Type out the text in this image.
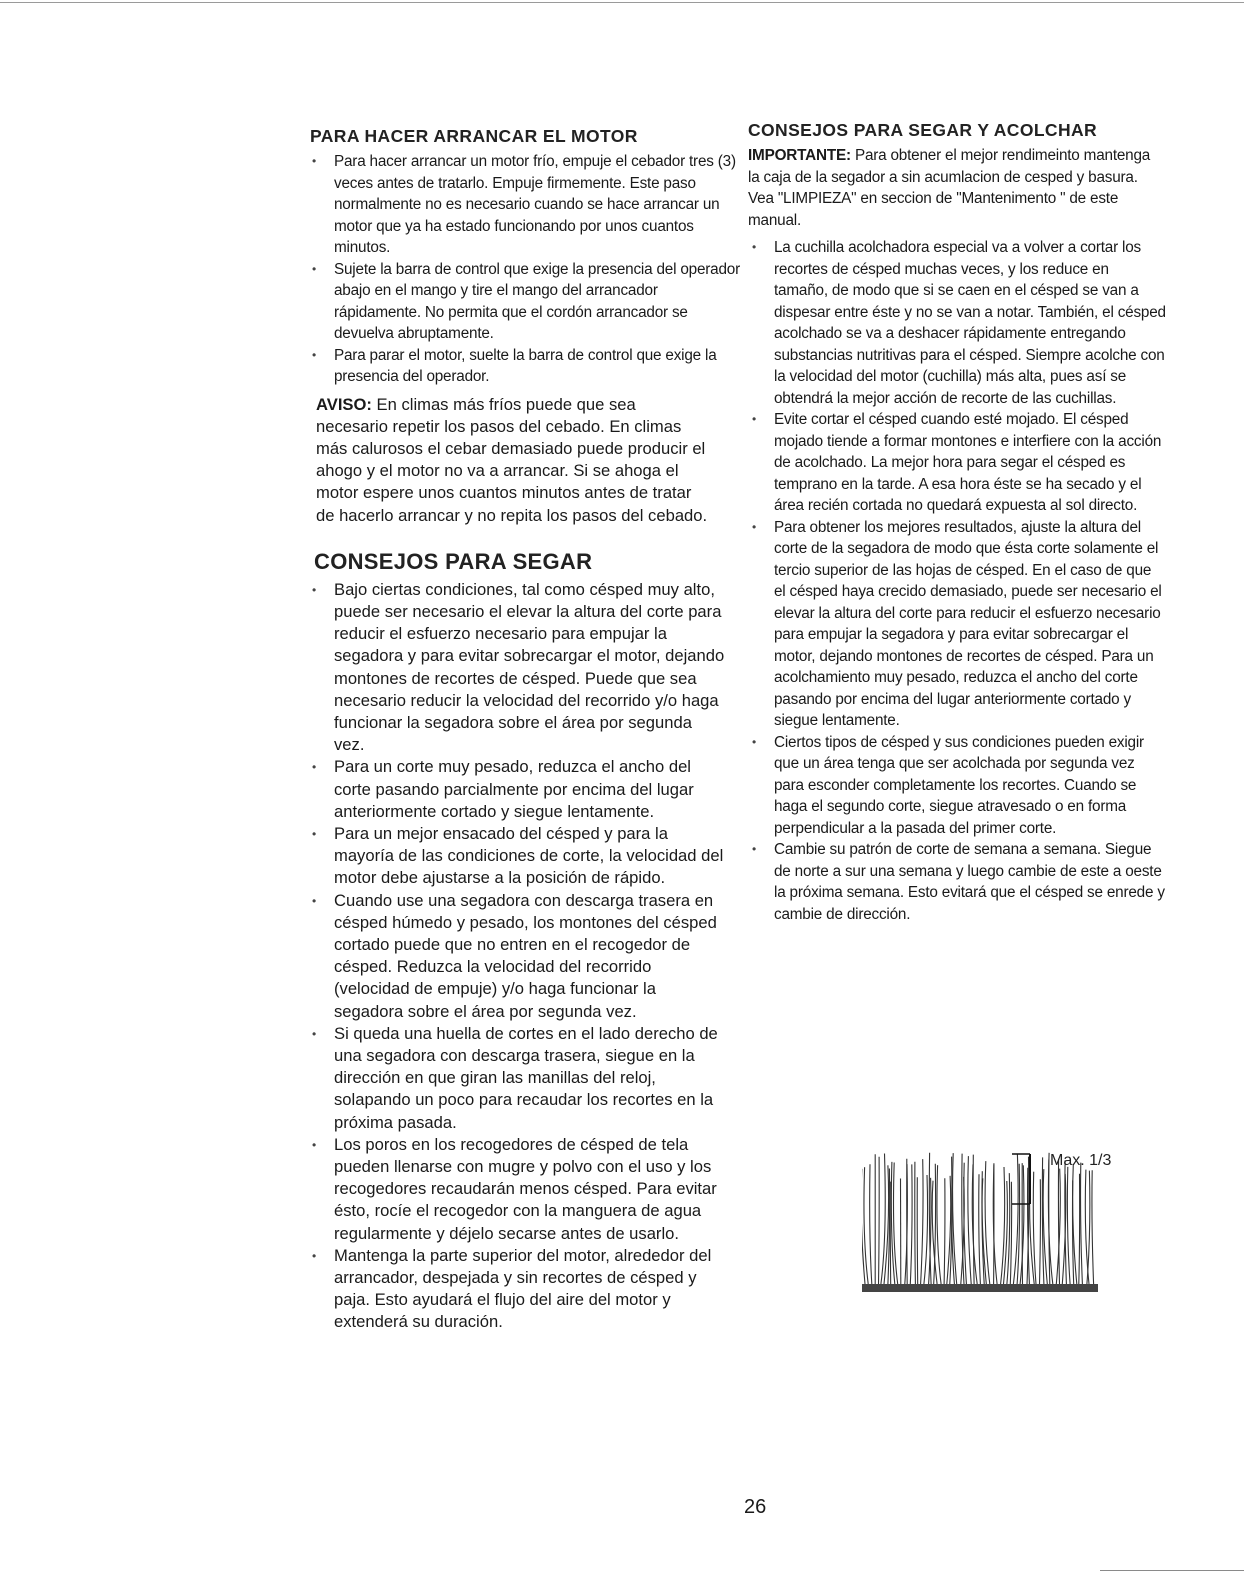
PARA HACER ARRANCAR EL MOTOR
• Para hacer arrancar un motor frío, empuje el cebador tres (3) veces antes de tratarlo. Empuje firmemente. Este paso normalmente no es necesario cuando se hace arrancar un motor que ya ha estado funcionando por unos cuantos minutos.
• Sujete la barra de control que exige la presencia del operador abajo en el mango y tire el mango del arrancador rápidamente. No permita que el cordón arrancador se devuelva abruptamente.
• Para parar el motor, suelte la barra de control que exige la presencia del operador.

AVISO: En climas más fríos puede que sea necesario repetir los pasos del cebado. En climas más calurosos el cebar demasiado puede producir el ahogo y el motor no va a arrancar. Si se ahoga el motor espere unos cuantos minutos antes de tratar de hacerlo arrancar y no repita los pasos del cebado.

CONSEJOS PARA SEGAR
• Bajo ciertas condiciones, tal como césped muy alto, puede ser necesario el elevar la altura del corte para reducir el esfuerzo necesario para empujar la segadora y para evitar sobrecargar el motor, dejando montones de recortes de césped. Puede que sea necesario reducir la velocidad del recorrido y/o haga funcionar la segadora sobre el área por segunda vez.
• Para un corte muy pesado, reduzca el ancho del corte pasando parcialmente por encima del lugar anteriormente cortado y siegue lentamente.
• Para un mejor ensacado del césped y para la mayoría de las condiciones de corte, la velocidad del motor debe ajustarse a la posición de rápido.
• Cuando use una segadora con descarga trasera en césped húmedo y pesado, los montones del césped cortado puede que no entren en el recogedor de césped. Reduzca la velocidad del recorrido (velocidad de empuje) y/o haga funcionar la segadora sobre el área por segunda vez.
• Si queda una huella de cortes en el lado derecho de una segadora con descarga trasera, siegue en la dirección en que giran las manillas del reloj, solapando un poco para recaudar los recortes en la próxima pasada.
• Los poros en los recogedores de césped de tela pueden llenarse con mugre y polvo con el uso y los recogedores recaudarán menos césped. Para evitar ésto, rocíe el recogedor con la manguera de agua regularmente y déjelo secarse antes de usarlo.
• Mantenga la parte superior del motor, alrededor del arrancador, despejada y sin recortes de césped y paja. Esto ayudará el flujo del aire del motor y extenderá su duración.
CONSEJOS PARA SEGAR Y ACOLCHAR

IMPORTANTE: Para obtener el mejor rendimeinto mantenga la caja de la segador a sin acumlacion de cesped y basura. Vea "LIMPIEZA" en seccion de "Mantenimento " de este manual.

• La cuchilla acolchadora especial va a volver a cortar los recortes de césped muchas veces, y los reduce en tamaño, de modo que si se caen en el césped se van a dispesar entre éste y no se van a notar. También, el césped acolchado se va a deshacer rápidamente entregando substancias nutritivas para el césped. Siempre acolche con la velocidad del motor (cuchilla) más alta, pues así se obtendrá la mejor acción de recorte de las cuchillas.
• Evite cortar el césped cuando esté mojado. El césped mojado tiende a formar montones e interfiere con la acción de acolchado. La mejor hora para segar el césped es temprano en la tarde. A esa hora éste se ha secado y el área recién cortada no quedará expuesta al sol directo.
• Para obtener los mejores resultados, ajuste la altura del corte de la segadora de modo que ésta corte solamente el tercio superior de las hojas de césped. En el caso de que el césped haya crecido demasiado, puede ser necesario el elevar la altura del corte para reducir el esfuerzo necesario para empujar la segadora y para evitar sobrecargar el motor, dejando montones de recortes de césped. Para un acolchamiento muy pesado, reduzca el ancho del corte pasando por encima del lugar anteriormente cortado y siegue lentamente.
• Ciertos tipos de césped y sus condiciones pueden exigir que un área tenga que ser acolchada por segunda vez para esconder completamente los recortes. Cuando se haga el segundo corte, siegue atravesado o en forma perpendicular a la pasada del primer corte.
• Cambie su patrón de corte de semana a semana. Siegue de norte a sur una semana y luego cambie de este a oeste la próxima semana. Esto evitará que el césped se enrede y cambie de dirección.
Max. 1/3
26
